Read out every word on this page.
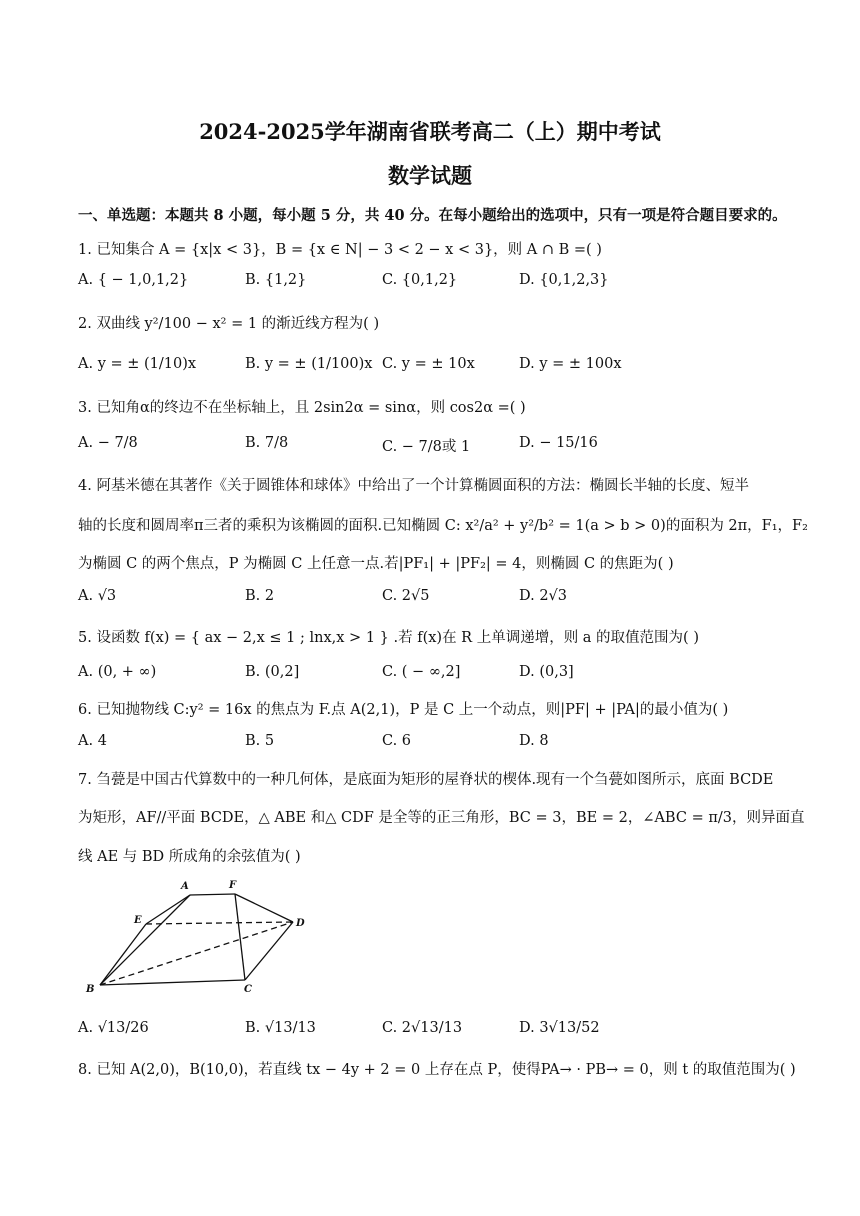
2024-2025学年湖南省联考高二（上）期中考试
数学试题
一、单选题：本题共 8 小题，每小题 5 分，共 40 分。在每小题给出的选项中，只有一项是符合题目要求的。
1. 已知集合 A = {x|x < 3}，B = {x ∈ N| − 3 < 2 − x < 3}，则 A ∩ B =( )
A. { − 1,0,1,2}	B. {1,2}	C. {0,1,2}	D. {0,1,2,3}
2. 双曲线 y²/100 − x² = 1 的渐近线方程为( )
A. y = ± (1/10)x	B. y = ± (1/100)x C. y = ± 10x	D. y = ± 100x
3. 已知角α的终边不在坐标轴上，且 2sin2α = sinα，则 cos2α =( )
A. − 7/8	B. 7/8	C. − 7/8或 1	D. − 15/16
4. 阿基米德在其著作《关于圆锥体和球体》中给出了一个计算椭圆面积的方法：椭圆长半轴的长度、短半
轴的长度和圆周率π三者的乘积为该椭圆的面积.已知椭圆 C: x²/a² + y²/b² = 1(a > b > 0)的面积为 2π，F₁，F₂
为椭圆 C 的两个焦点，P 为椭圆 C 上任意一点.若|PF₁| + |PF₂| = 4，则椭圆 C 的焦距为( )
A. √3	B. 2	C. 2√5	D. 2√3
5. 设函数 f(x) = { ax − 2,x ≤ 1 ; lnx,x > 1 } .若 f(x)在 R 上单调递增，则 a 的取值范围为( )
A. (0, + ∞)	B. (0,2]	C. ( − ∞,2]	D. (0,3]
6. 已知抛物线 C:y² = 16x 的焦点为 F.点 A(2,1)，P 是 C 上一个动点，则|PF| + |PA|的最小值为( )
A. 4	B. 5	C. 6	D. 8
7. 刍甍是中国古代算数中的一种几何体，是底面为矩形的屋脊状的楔体.现有一个刍甍如图所示，底面 BCDE
为矩形，AF//平面 BCDE，△ ABE 和△ CDF 是全等的正三角形，BC = 3，BE = 2，∠ABC = π/3，则异面直
线 AE 与 BD 所成角的余弦值为( )
A	F
E	D
B	C
A. √13/26	B. √13/13	C. 2√13/13	D. 3√13/52
8. 已知 A(2,0)，B(10,0)，若直线 tx − 4y + 2 = 0 上存在点 P，使得PA→ · PB→ = 0，则 t 的取值范围为( )
